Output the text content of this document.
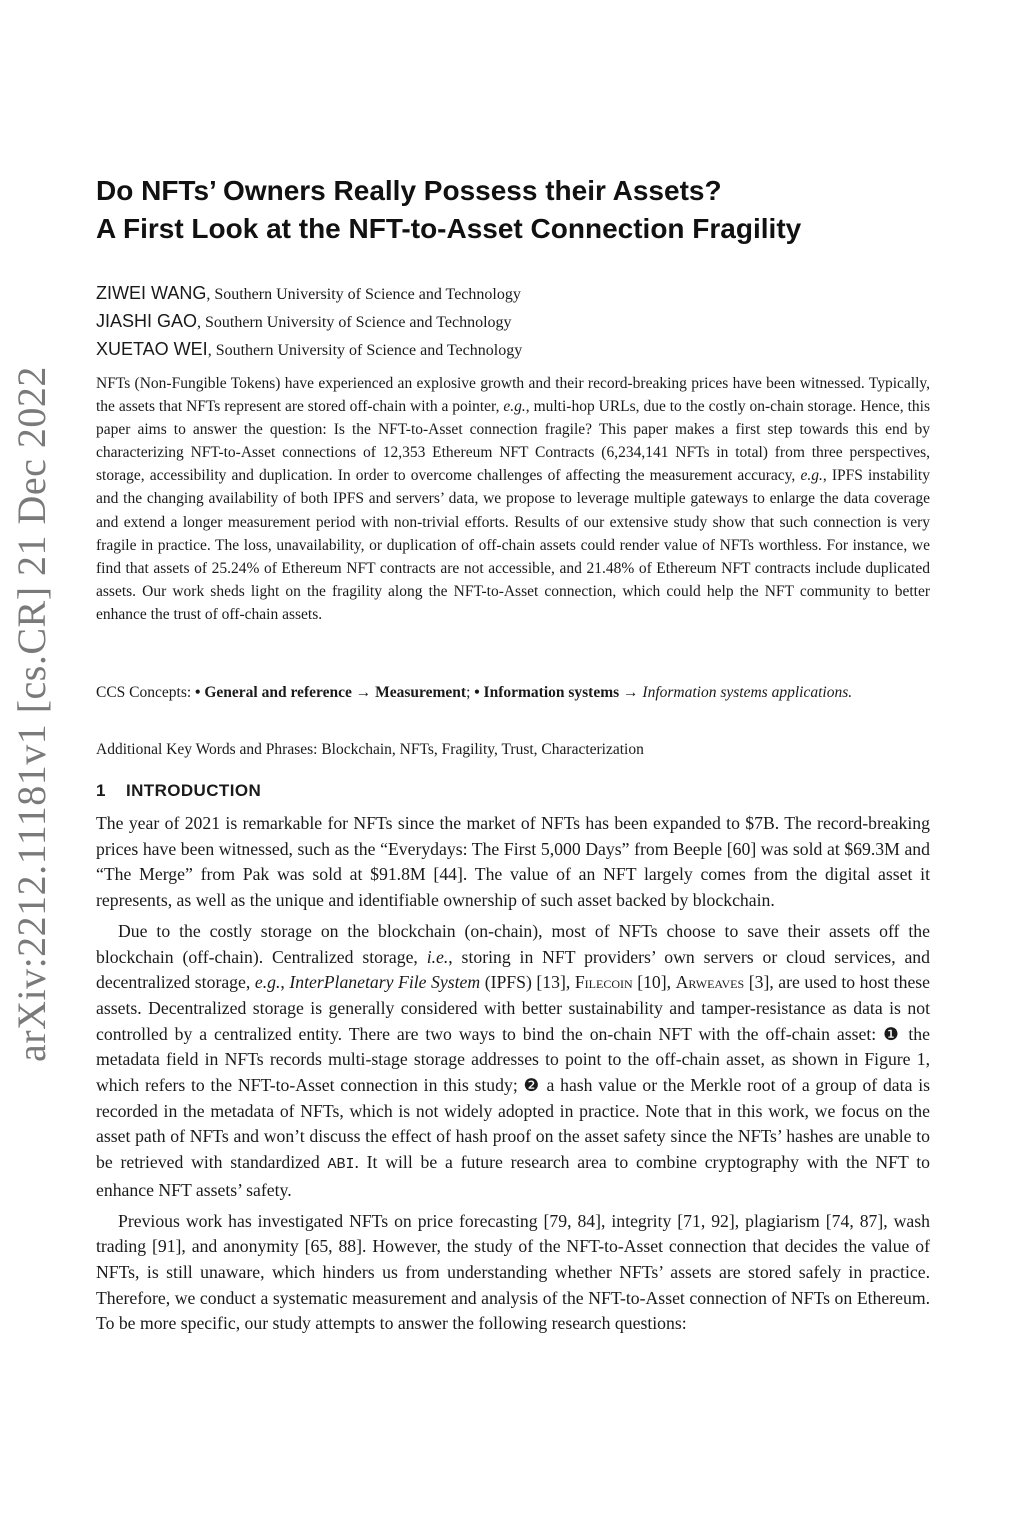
arXiv:2212.11181v1 [cs.CR] 21 Dec 2022
Do NFTs’ Owners Really Possess their Assets?
A First Look at the NFT-to-Asset Connection Fragility
ZIWEI WANG, Southern University of Science and Technology
JIASHI GAO, Southern University of Science and Technology
XUETAO WEI, Southern University of Science and Technology
NFTs (Non-Fungible Tokens) have experienced an explosive growth and their record-breaking prices have been witnessed. Typically, the assets that NFTs represent are stored off-chain with a pointer, e.g., multi-hop URLs, due to the costly on-chain storage. Hence, this paper aims to answer the question: Is the NFT-to-Asset connection fragile? This paper makes a first step towards this end by characterizing NFT-to-Asset connections of 12,353 Ethereum NFT Contracts (6,234,141 NFTs in total) from three perspectives, storage, accessibility and duplication. In order to overcome challenges of affecting the measurement accuracy, e.g., IPFS instability and the changing availability of both IPFS and servers’ data, we propose to leverage multiple gateways to enlarge the data coverage and extend a longer measurement period with non-trivial efforts. Results of our extensive study show that such connection is very fragile in practice. The loss, unavailability, or duplication of off-chain assets could render value of NFTs worthless. For instance, we find that assets of 25.24% of Ethereum NFT contracts are not accessible, and 21.48% of Ethereum NFT contracts include duplicated assets. Our work sheds light on the fragility along the NFT-to-Asset connection, which could help the NFT community to better enhance the trust of off-chain assets.
CCS Concepts: • General and reference → Measurement; • Information systems → Information systems applications.
Additional Key Words and Phrases: Blockchain, NFTs, Fragility, Trust, Characterization
1 INTRODUCTION

The year of 2021 is remarkable for NFTs since the market of NFTs has been expanded to $7B. The record-breaking prices have been witnessed, such as the “Everydays: The First 5,000 Days” from Beeple [60] was sold at $69.3M and “The Merge” from Pak was sold at $91.8M [44]. The value of an NFT largely comes from the digital asset it represents, as well as the unique and identifiable ownership of such asset backed by blockchain.

Due to the costly storage on the blockchain (on-chain), most of NFTs choose to save their assets off the blockchain (off-chain). Centralized storage, i.e., storing in NFT providers’ own servers or cloud services, and decentralized storage, e.g., InterPlanetary File System (IPFS) [13], Filecoin [10], Arweaves [3], are used to host these assets. Decentralized storage is generally considered with better sustainability and tamper-resistance as data is not controlled by a centralized entity. There are two ways to bind the on-chain NFT with the off-chain asset: ❶ the metadata field in NFTs records multi-stage storage addresses to point to the off-chain asset, as shown in Figure 1, which refers to the NFT-to-Asset connection in this study; ❷ a hash value or the Merkle root of a group of data is recorded in the metadata of NFTs, which is not widely adopted in practice. Note that in this work, we focus on the asset path of NFTs and won’t discuss the effect of hash proof on the asset safety since the NFTs’ hashes are unable to be retrieved with standardized ABI. It will be a future research area to combine cryptography with the NFT to enhance NFT assets’ safety.

Previous work has investigated NFTs on price forecasting [79, 84], integrity [71, 92], plagiarism [74, 87], wash trading [91], and anonymity [65, 88]. However, the study of the NFT-to-Asset connection that decides the value of NFTs, is still unaware, which hinders us from understanding whether NFTs’ assets are stored safely in practice. Therefore, we conduct a systematic measurement and analysis of the NFT-to-Asset connection of NFTs on Ethereum. To be more specific, our study attempts to answer the following research questions:
